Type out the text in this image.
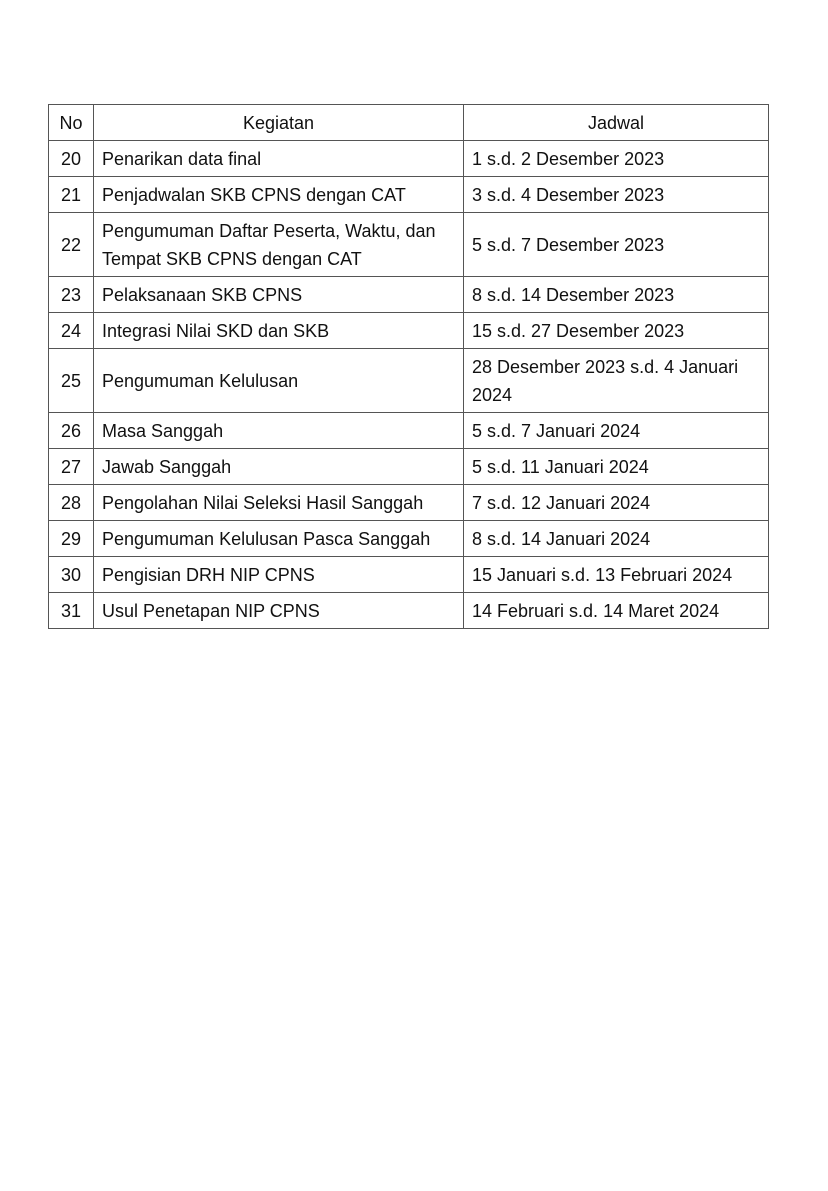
No	Kegiatan	Jadwal
20	Penarikan data final	1 s.d. 2 Desember 2023
21	Penjadwalan SKB CPNS dengan CAT	3 s.d. 4 Desember 2023
22	Pengumuman Daftar Peserta, Waktu, dan Tempat SKB CPNS dengan CAT	5 s.d. 7 Desember 2023
23	Pelaksanaan SKB CPNS	8 s.d. 14 Desember 2023
24	Integrasi Nilai SKD dan SKB	15 s.d. 27 Desember 2023
25	Pengumuman Kelulusan	28 Desember 2023 s.d. 4 Januari 2024
26	Masa Sanggah	5 s.d. 7 Januari 2024
27	Jawab Sanggah	5 s.d. 11 Januari 2024
28	Pengolahan Nilai Seleksi Hasil Sanggah	7 s.d. 12 Januari 2024
29	Pengumuman Kelulusan Pasca Sanggah	8 s.d. 14 Januari 2024
30	Pengisian DRH NIP CPNS	15 Januari s.d. 13 Februari 2024
31	Usul Penetapan NIP CPNS	14 Februari s.d. 14 Maret 2024
